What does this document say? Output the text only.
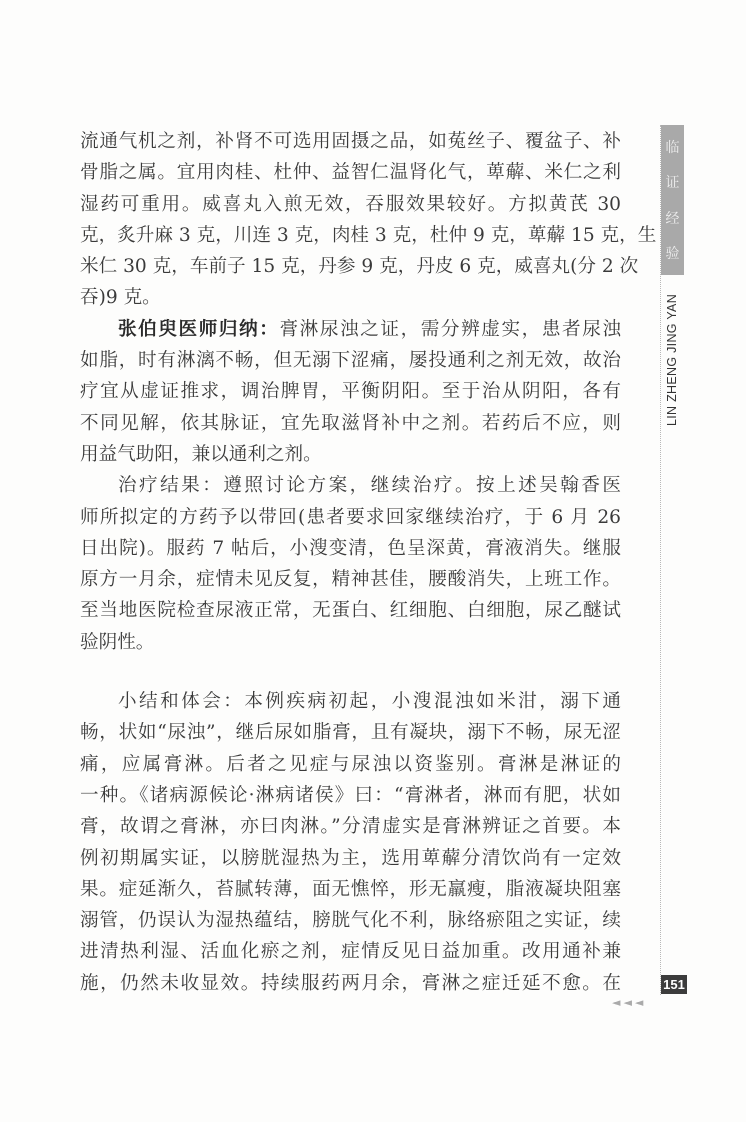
流通气机之剂，补肾不可选用固摄之品，如菟丝子、覆盆子、补
骨脂之属。宜用肉桂、杜仲、益智仁温肾化气，萆薢、米仁之利
湿药可重用。威喜丸入煎无效，吞服效果较好。方拟黄芪 30
克，炙升麻 3 克，川连 3 克，肉桂 3 克，杜仲 9 克，萆薢 15 克，生
米仁 30 克，车前子 15 克，丹参 9 克，丹皮 6 克，威喜丸(分 2 次
吞)9 克。
张伯臾医师归纳：膏淋尿浊之证，需分辨虚实，患者尿浊
如脂，时有淋漓不畅，但无溺下涩痛，屡投通利之剂无效，故治
疗宜从虚证推求，调治脾胃，平衡阴阳。至于治从阴阳，各有
不同见解，依其脉证，宜先取滋肾补中之剂。若药后不应，则
用益气助阳，兼以通利之剂。
治疗结果：遵照讨论方案，继续治疗。按上述吴翰香医
师所拟定的方药予以带回(患者要求回家继续治疗，于 6 月 26
日出院)。服药 7 帖后，小溲变清，色呈深黄，膏液消失。继服
原方一月余，症情未见反复，精神甚佳，腰酸消失，上班工作。
至当地医院检查尿液正常，无蛋白、红细胞、白细胞，尿乙醚试
验阴性。
小结和体会：本例疾病初起，小溲混浊如米泔，溺下通
畅，状如“尿浊”，继后尿如脂膏，且有凝块，溺下不畅，尿无涩
痛，应属膏淋。后者之见症与尿浊以资鉴别。膏淋是淋证的
一种。《诸病源候论·淋病诸侯》曰：“膏淋者，淋而有肥，状如
膏，故谓之膏淋，亦曰肉淋。”分清虚实是膏淋辨证之首要。本
例初期属实证，以膀胱湿热为主，选用萆薢分清饮尚有一定效
果。症延渐久，苔腻转薄，面无憔悴，形无羸瘦，脂液凝块阻塞
溺管，仍误认为湿热蕴结，膀胱气化不利，脉络瘀阻之实证，续
进清热利湿、活血化瘀之剂，症情反见日益加重。改用通补兼
施，仍然未收显效。持续服药两月余，膏淋之症迁延不愈。在
临
证
经
验
LIN ZHENG JING YAN
151
◄◄◄
